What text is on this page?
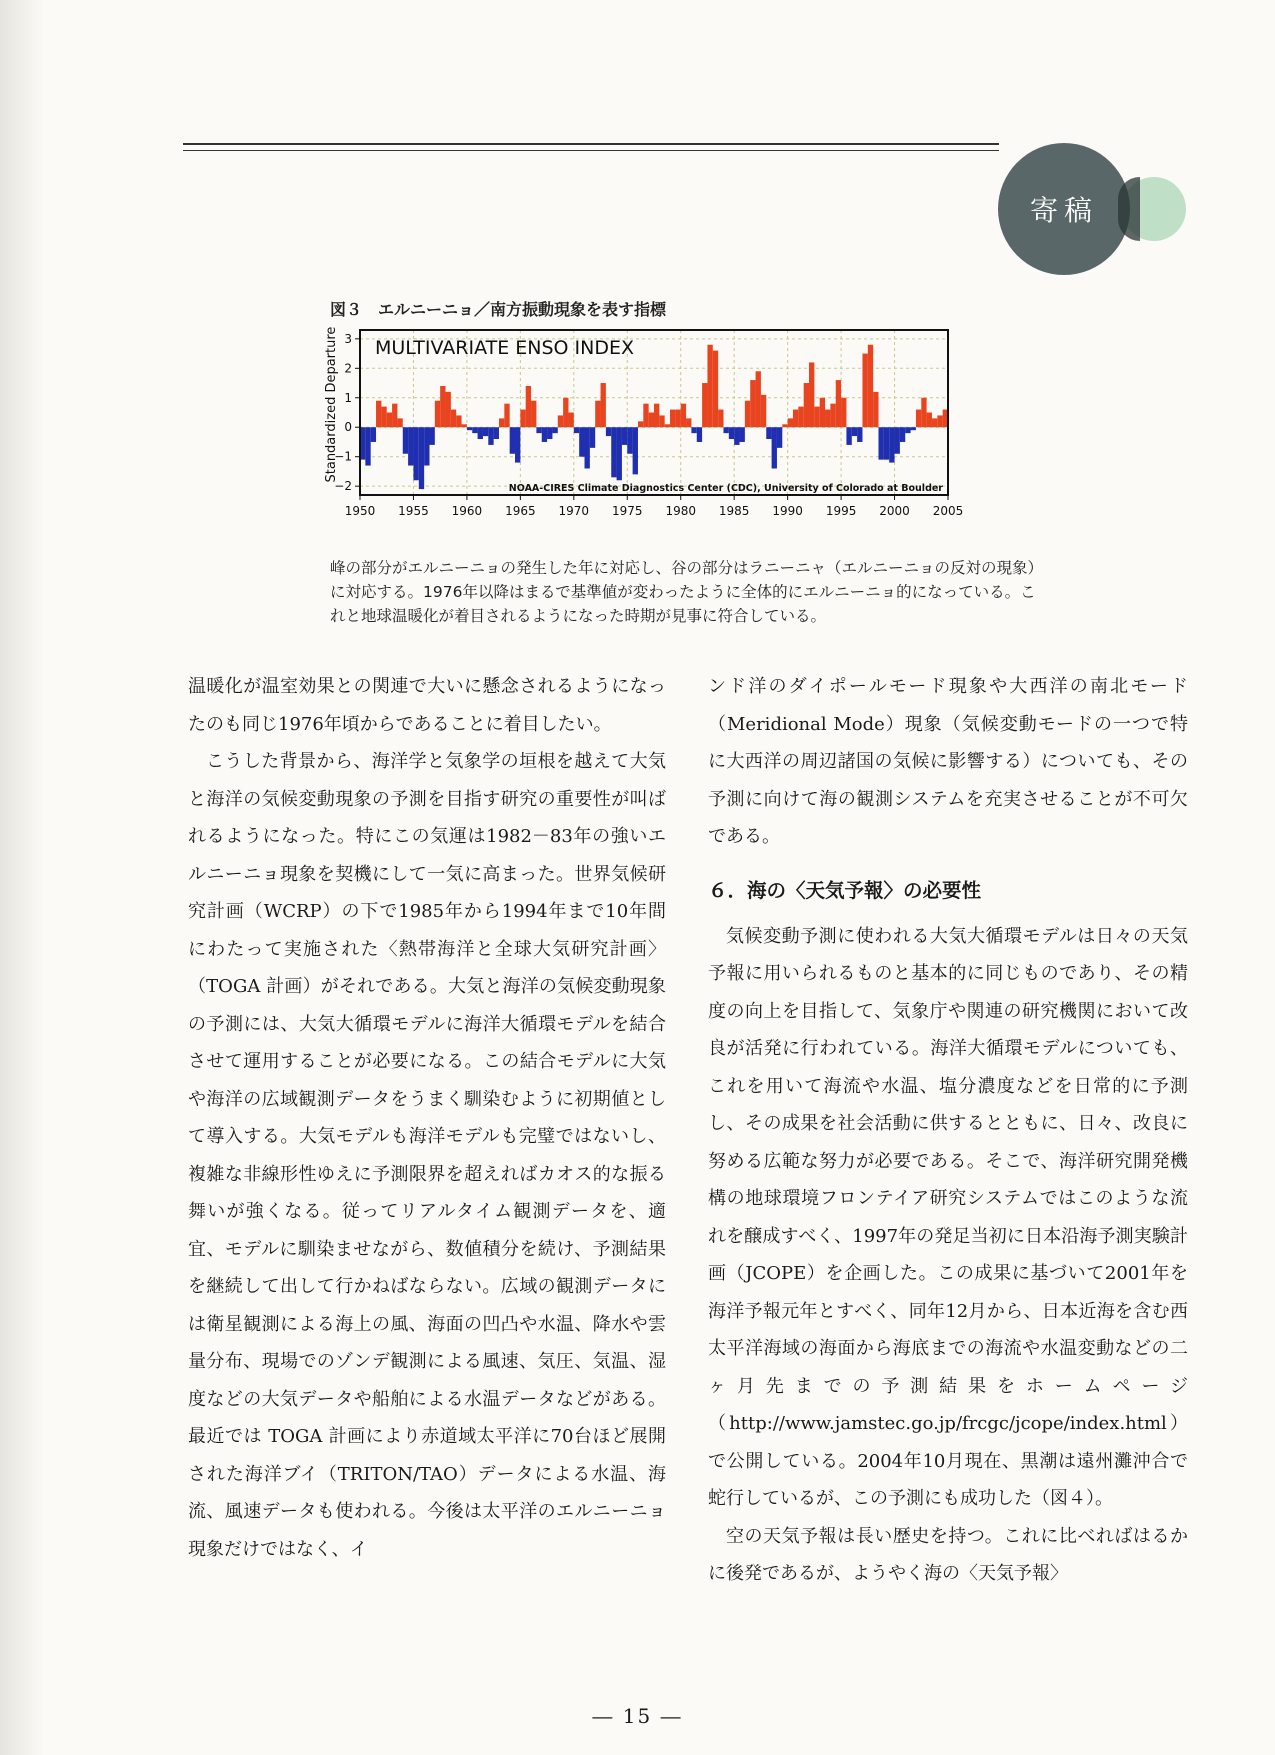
寄稿
図３　エルニーニョ／南方振動現象を表す指標
1950 1955 1960 1965 1970 1975 1980 1985 1990 1995 2000 2005
−2
−1
0
1
2
3 MULTIVARIATE ENSO INDEX
Standardized Departure
NOAA-CIRES Climate Diagnostics Center (CDC), University of Colorado at Boulder

峰の部分がエルニーニョの発生した年に対応し、谷の部分はラニーニャ（エルニーニョの反対の現象）に対応する。1976年以降はまるで基準値が変わったように全体的にエルニーニョ的になっている。これと地球温暖化が着目されるようになった時期が見事に符合している。

温暖化が温室効果との関連で大いに懸念されるようになったのも同じ1976年頃からであることに着目したい。

こうした背景から、海洋学と気象学の垣根を越えて大気と海洋の気候変動現象の予測を目指す研究の重要性が叫ばれるようになった。特にこの気運は1982－83年の強いエルニーニョ現象を契機にして一気に高まった。世界気候研究計画（WCRP）の下で1985年から1994年まで10年間にわたって実施された〈熱帯海洋と全球大気研究計画〉（TOGA 計画）がそれである。大気と海洋の気候変動現象の予測には、大気大循環モデルに海洋大循環モデルを結合させて運用することが必要になる。この結合モデルに大気や海洋の広域観測データをうまく馴染むように初期値として導入する。大気モデルも海洋モデルも完璧ではないし、複雑な非線形性ゆえに予測限界を超えればカオス的な振る舞いが強くなる。従ってリアルタイム観測データを、適宜、モデルに馴染ませながら、数値積分を続け、予測結果を継続して出して行かねばならない。広域の観測データには衛星観測による海上の風、海面の凹凸や水温、降水や雲量分布、現場でのゾンデ観測による風速、気圧、気温、湿度などの大気データや船舶による水温データなどがある。最近では TOGA 計画により赤道域太平洋に70台ほど展開された海洋ブイ（TRITON/TAO）データによる水温、海流、風速データも使われる。今後は太平洋のエルニーニョ現象だけではなく、イ

ンド洋のダイポールモード現象や大西洋の南北モード（Meridional Mode）現象（気候変動モードの一つで特に大西洋の周辺諸国の気候に影響する）についても、その予測に向けて海の観測システムを充実させることが不可欠である。

６．海の〈天気予報〉の必要性

気候変動予測に使われる大気大循環モデルは日々の天気予報に用いられるものと基本的に同じものであり、その精度の向上を目指して、気象庁や関連の研究機関において改良が活発に行われている。海洋大循環モデルについても、これを用いて海流や水温、塩分濃度などを日常的に予測し、その成果を社会活動に供するとともに、日々、改良に努める広範な努力が必要である。そこで、海洋研究開発機構の地球環境フロンテイア研究システムではこのような流れを醸成すべく、1997年の発足当初に日本沿海予測実験計画（JCOPE）を企画した。この成果に基づいて2001年を海洋予報元年とすべく、同年12月から、日本近海を含む西太平洋海域の海面から海底までの海流や水温変動などの二ヶ月先までの予測結果をホームページ（http://www.jamstec.go.jp/frcgc/jcope/index.html）で公開している。2004年10月現在、黒潮は遠州灘沖合で蛇行しているが、この予測にも成功した（図４）。

空の天気予報は長い歴史を持つ。これに比べればはるかに後発であるが、ようやく海の〈天気予報〉

― 15 ―
